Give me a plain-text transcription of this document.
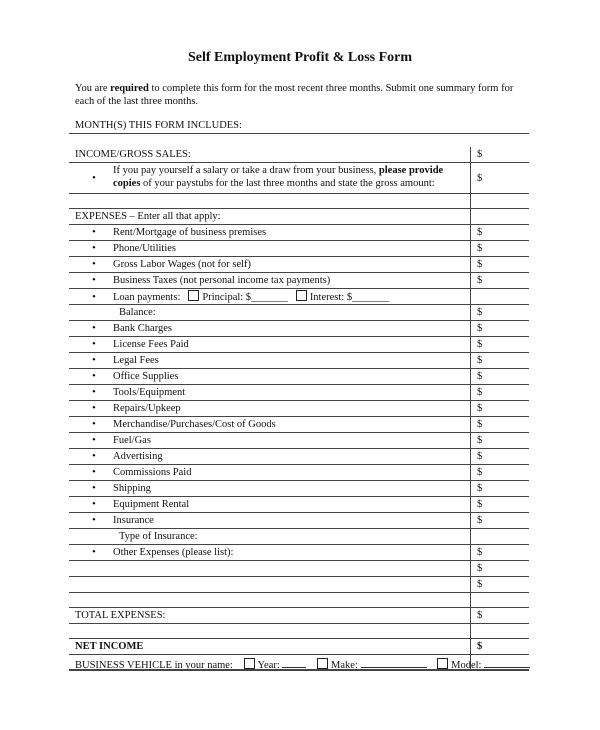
Self Employment Profit & Loss Form
You are required to complete this form for the most recent three months. Submit one summary form for each of the last three months.
MONTH(S) THIS FORM INCLUDES:
INCOME/GROSS SALES:	$
•
If you pay yourself a salary or take a draw from your business, please provide copies of your paystubs for the last three months and state the gross amount:	$

EXPENSES – Enter all that apply:	
• Rent/Mortgage of business premises	$
• Phone/Utilities	$
• Gross Labor Wages (not for self)	$
• Business Taxes (not personal income tax payments)	$
• Loan payments: Principal: $_______ Interest: $_______	
Balance:	$
• Bank Charges	$
• License Fees Paid	$
• Legal Fees	$
• Office Supplies	$
• Tools/Equipment	$
• Repairs/Upkeep	$
• Merchandise/Purchases/Cost of Goods	$
• Fuel/Gas	$
• Advertising	$
• Commissions Paid	$
• Shipping	$
• Equipment Rental	$
• Insurance	$
Type of Insurance:	
• Other Expenses (please list):	$
	$
	$

TOTAL EXPENSES:	$

NET INCOME	$

BUSINESS VEHICLE in your name: Year:	Make:	Model:
